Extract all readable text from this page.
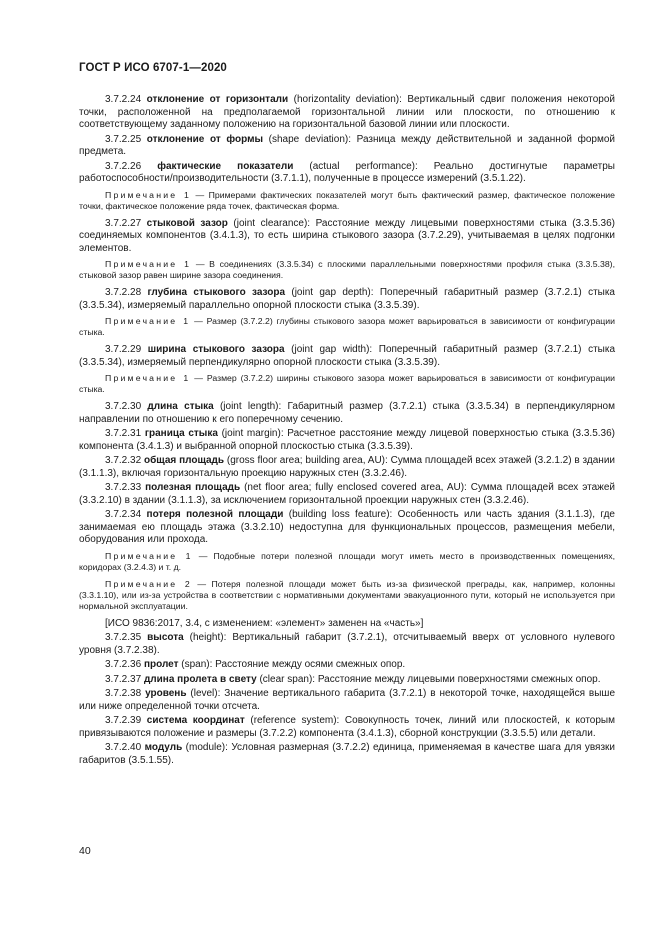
ГОСТ Р ИСО 6707-1—2020

3.7.2.24 отклонение от горизонтали (horizontality deviation): Вертикальный сдвиг положения некоторой точки, расположенной на предполагаемой горизонтальной линии или плоскости, по отношению к соответствующему заданному положению на горизонтальной базовой линии или плоскости.

3.7.2.25 отклонение от формы (shape deviation): Разница между действительной и заданной формой предмета.

3.7.2.26 фактические показатели (actual performance): Реально достигнутые параметры работоспособности/производительности (3.7.1.1), полученные в процессе измерений (3.5.1.22).

Примечание 1 — Примерами фактических показателей могут быть фактический размер, фактическое положение точки, фактическое положение ряда точек, фактическая форма.

3.7.2.27 стыковой зазор (joint clearance): Расстояние между лицевыми поверхностями стыка (3.3.5.36) соединяемых компонентов (3.4.1.3), то есть ширина стыкового зазора (3.7.2.29), учитываемая в целях подгонки элементов.

Примечание 1 — В соединениях (3.3.5.34) с плоскими параллельными поверхностями профиля стыка (3.3.5.38), стыковой зазор равен ширине зазора соединения.

3.7.2.28 глубина стыкового зазора (joint gap depth): Поперечный габаритный размер (3.7.2.1) стыка (3.3.5.34), измеряемый параллельно опорной плоскости стыка (3.3.5.39).

Примечание 1 — Размер (3.7.2.2) глубины стыкового зазора может варьироваться в зависимости от конфигурации стыка.

3.7.2.29 ширина стыкового зазора (joint gap width): Поперечный габаритный размер (3.7.2.1) стыка (3.3.5.34), измеряемый перпендикулярно опорной плоскости стыка (3.3.5.39).

Примечание 1 — Размер (3.7.2.2) ширины стыкового зазора может варьироваться в зависимости от конфигурации стыка.

3.7.2.30 длина стыка (joint length): Габаритный размер (3.7.2.1) стыка (3.3.5.34) в перпендикулярном направлении по отношению к его поперечному сечению.

3.7.2.31 граница стыка (joint margin): Расчетное расстояние между лицевой поверхностью стыка (3.3.5.36) компонента (3.4.1.3) и выбранной опорной плоскостью стыка (3.3.5.39).

3.7.2.32 общая площадь (gross floor area; building area, AU): Сумма площадей всех этажей (3.2.1.2) в здании (3.1.1.3), включая горизонтальную проекцию наружных стен (3.3.2.46).

3.7.2.33 полезная площадь (net floor area; fully enclosed covered area, AU): Сумма площадей всех этажей (3.3.2.10) в здании (3.1.1.3), за исключением горизонтальной проекции наружных стен (3.3.2.46).

3.7.2.34 потеря полезной площади (building loss feature): Особенность или часть здания (3.1.1.3), где занимаемая ею площадь этажа (3.3.2.10) недоступна для функциональных процессов, размещения мебели, оборудования или прохода.

Примечание 1 — Подобные потери полезной площади могут иметь место в производственных помещениях, коридорах (3.2.4.3) и т. д.

Примечание 2 — Потеря полезной площади может быть из-за физической преграды, как, например, колонны (3.3.1.10), или из-за устройства в соответствии с нормативными документами эвакуационного пути, который не используется при нормальной эксплуатации.

[ИСО 9836:2017, 3.4, с изменением: «элемент» заменен на «часть»]

3.7.2.35 высота (height): Вертикальный габарит (3.7.2.1), отсчитываемый вверх от условного нулевого уровня (3.7.2.38).

3.7.2.36 пролет (span): Расстояние между осями смежных опор.

3.7.2.37 длина пролета в свету (clear span): Расстояние между лицевыми поверхностями смежных опор.

3.7.2.38 уровень (level): Значение вертикального габарита (3.7.2.1) в некоторой точке, находящейся выше или ниже определенной точки отсчета.

3.7.2.39 система координат (reference system): Совокупность точек, линий или плоскостей, к которым привязываются положение и размеры (3.7.2.2) компонента (3.4.1.3), сборной конструкции (3.3.5.5) или детали.

3.7.2.40 модуль (module): Условная размерная (3.7.2.2) единица, применяемая в качестве шага для увязки габаритов (3.5.1.55).

40
